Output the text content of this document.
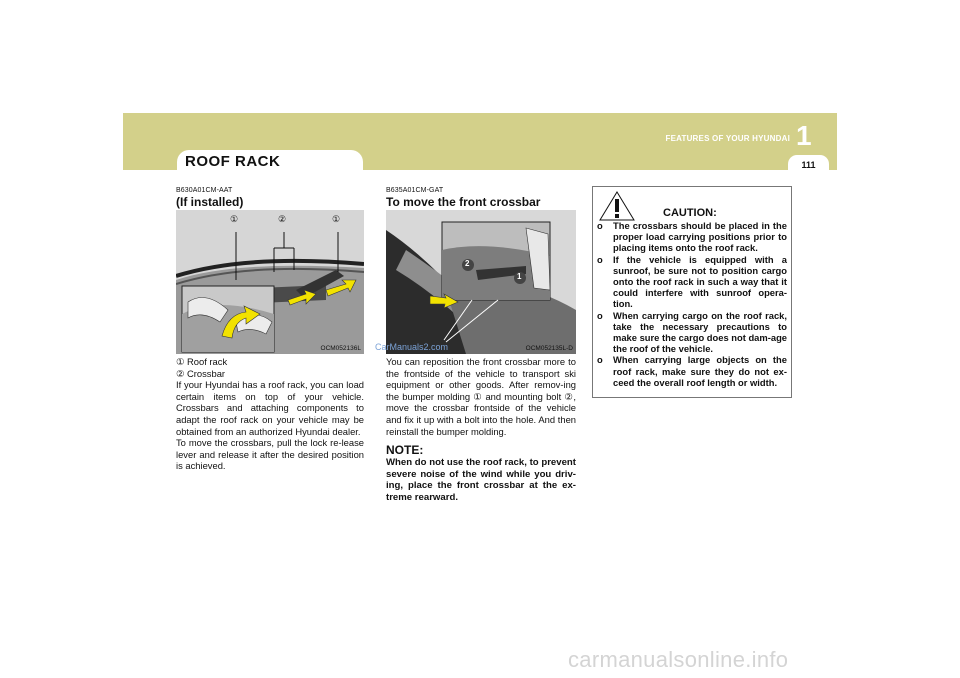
FEATURES OF YOUR HYUNDAI 1
111
ROOF RACK
B630A01CM-AAT
(If installed)
①	②	①
OCM052136L
① Roof rack
② Crossbar
If your Hyundai has a roof rack, you can load certain items on top of your vehicle. Crossbars and attaching components to adapt the roof rack on your vehicle may be obtained from an authorized Hyundai dealer.
To move the crossbars, pull the lock re-lease lever and release it after the desired position is achieved.
B635A01CM-GAT
To move the front crossbar
2
1
OCM052135L-D
CarManuals2.com
You can reposition the front crossbar more to the frontside of the vehicle to transport ski equipment or other goods. After remov-ing the bumper molding ① and mounting bolt ②, move the crossbar frontside of the vehicle and fix it up with a bolt into the hole. And then reinstall the bumper molding.
NOTE:
When do not use the roof rack, to prevent severe noise of the wind while you driv-ing, place the front crossbar at the ex-treme rearward.
CAUTION:
o The crossbars should be placed in the proper load carrying positions prior to placing items onto the roof rack.
o If the vehicle is equipped with a sunroof, be sure not to position cargo onto the roof rack in such a way that it could interfere with sunroof opera-tion.
o When carrying cargo on the roof rack, take the necessary precautions to make sure the cargo does not dam-age the roof of the vehicle.
o When carrying large objects on the roof rack, make sure they do not ex-ceed the overall roof length or width.
carmanualsonline.info
